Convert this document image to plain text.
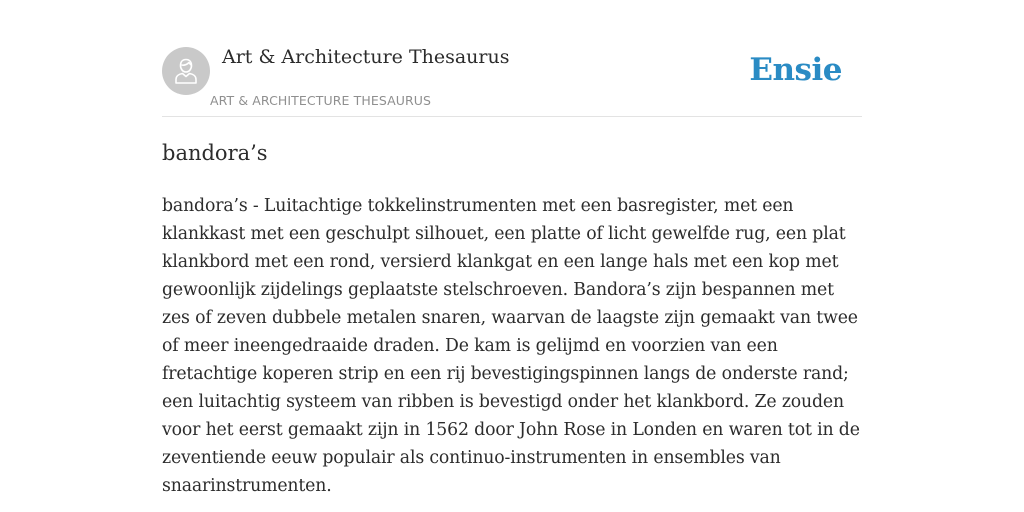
Art & Architecture Thesaurus
ART & ARCHITECTURE THESAURUS
Ensie
bandora’s

bandora’s - Luitachtige tokkelinstrumenten met een basregister, met een klankkast met een geschulpt silhouet, een platte of licht gewelfde rug, een plat klankbord met een rond, versierd klankgat en een lange hals met een kop met gewoonlijk zijdelings geplaatste stelschroeven. Bandora’s zijn bespannen met zes of zeven dubbele metalen snaren, waarvan de laagste zijn gemaakt van twee of meer ineengedraaide draden. De kam is gelijmd en voorzien van een fretachtige koperen strip en een rij bevestigingspinnen langs de onderste rand; een luitachtig systeem van ribben is bevestigd onder het klankbord. Ze zouden voor het eerst gemaakt zijn in 1562 door John Rose in Londen en waren tot in de zeventiende eeuw populair als continuo-instrumenten in ensembles van snaarinstrumenten.
